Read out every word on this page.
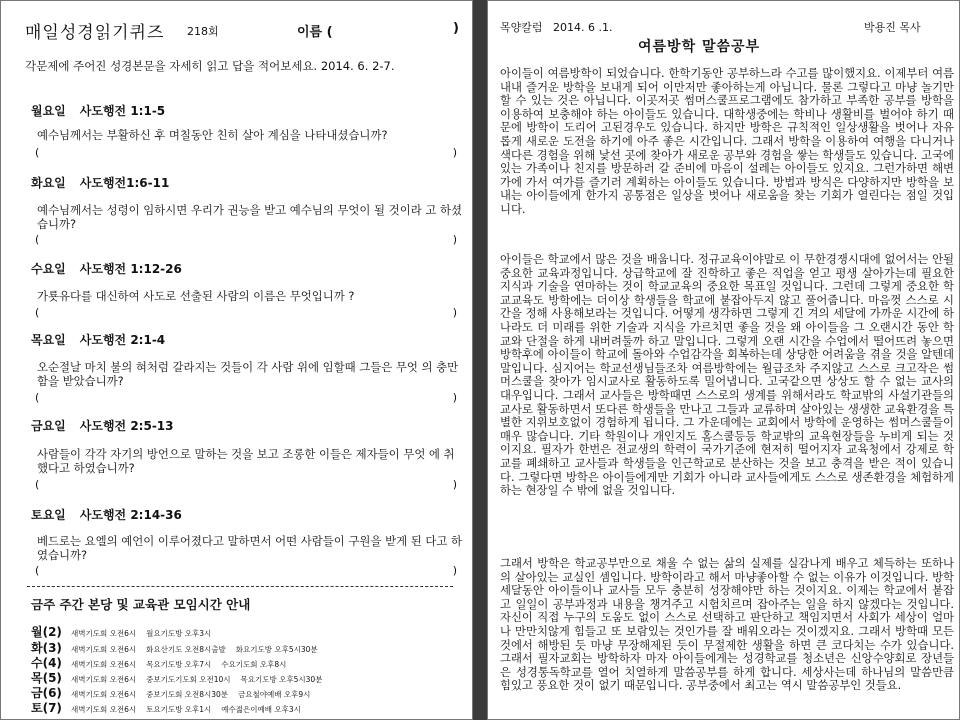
매일성경읽기퀴즈 218회	이름 (	)
각문제에 주어진 성경본문을 자세히 읽고 답을 적어보세요. 2014. 6. 2-7.
월요일 사도행전 1:1-5
예수님께서는 부활하신 후 며칠동안 친히 살아 계심을 나타내셨습니까?
(	)
화요일 사도행전1:6-11
예수님께서는 성령이 임하시면 우리가 권능을 받고 예수님의 무엇이 될 것이라 고 하셨습니까?
(	)
수요일 사도행전 1:12-26
가룟유다를 대신하여 사도로 선출된 사람의 이름은 무엇입니까 ?
(	)
목요일 사도행전 2:1-4
오순절날 마치 불의 혀처럼 갈라지는 것들이 각 사람 위에 임할때 그들은 무엇 의 충만함을 받았습니까?
(	)
금요일 사도행전 2:5-13
사람들이 각각 자기의 방언으로 말하는 것을 보고 조롱한 이들은 제자들이 무엇 에 취했다고 하였습니까?
(	)
토요일 사도행전 2:14-36
베드로는 요엘의 예언이 이루어졌다고 말하면서 어떤 사람들이 구원을 받게 된 다고 하였습니까?
(	)
금주 주간 본당 및 교육관 모임시간 안내
월(2) 새벽기도회 오전6시 월요기도방 오후3시
화(3) 새벽기도회 오전6시 화요산기도 오전8시출발 화요기도방 오후5시30분
수(4) 새벽기도회 오전6시 목요기도방 오후7시 수요기도회 오후8시
목(5) 새벽기도회 오전6시 중보기도기도회 오전10시 목요기도방 오후5시30분
금(6) 새벽기도회 오전6시 중보기도회 오전8시30분 금요철야예배 오후9시
토(7) 새벽기도회 오전6시 토요기도방 오후1시 예수젊은이예배 오후3시
목양칼럼 2014. 6 .1.	박용진 목사
여름방학 말씀공부
아이들이 여름방학이 되었습니다. 한학기동안 공부하느라 수고를 많이했지요. 이제부터 여름내내 즐거운 방학을 보내게 되어 이만저만 좋아하는게 아닙니다. 물론 그렇다고 마냥 놀기만 할 수 있는 것은 아닙니다. 이곳저곳 썸머스쿨프로그램에도 참가하고 부족한 공부를 방학을 이용하여 보충해야 하는 아이들도 있습니다. 대학생중에는 학비나 생활비를 벌어야 하기 때문에 방학이 도리어 고된경우도 있습니다. 하지만 방학은 규칙적인 일상생활을 벗어나 자유롭게 새로운 도전을 하기에 아주 좋은 시간입니다. 그래서 방학을 이용하여 여행을 다니거나 색다른 경험을 위해 낯선 곳에 찾아가 새로운 공부와 경험을 쌓는 학생들도 있습니다. 고국에 있는 가족이나 친지를 방문하러 갈 준비에 마음이 설레는 아이들도 있지요. 그런가하면 해변가에 가서 여가를 즐기러 계획하는 아이들도 있습니다. 방법과 방식은 다양하지만 방학을 보내는 아이들에게 한가지 공통점은 일상을 벗어나 새로움을 찾는 기회가 열린다는 점일 것입니다.
아이들은 학교에서 많은 것을 배웁니다. 정규교육이야말로 이 무한경쟁시대에 없어서는 안될 중요한 교육과정입니다. 상급학교에 잘 진학하고 좋은 직업을 얻고 평생 살아가는데 필요한 지식과 기술을 연마하는 것이 학교교육의 중요한 목표일 것입니다. 그런데 그렇게 중요한 학교교육도 방학에는 더이상 학생들을 학교에 붙잡아두지 않고 풀어줍니다. 마음껏 스스로 시간을 정해 사용해보라는 것입니다. 어떻게 생각하면 그렇게 긴 겨의 세달에 가까운 시간에 하나라도 더 미래를 위한 기술과 지식을 가르치면 좋을 것을 왜 아이들을 그 오랜시간 동안 학교와 단절을 하게 내버려둘까 하고 말입니다. 그렇게 오랜 시간을 수업에서 떨어뜨려 놓으면 방학후에 아이들이 학교에 돌아와 수업감각을 회복하는데 상당한 어려움을 겪을 것을 알텐데 말입니다. 심지어는 학교선생님들조차 여름방학에는 월급조차 주지않고 스스로 크고작은 썸머스쿨을 찾아가 임시교사로 활동하도록 밀어냅니다. 고국같으면 상상도 할 수 없는 교사의 대우입니다. 그래서 교사들은 방학때면 스스로의 생계를 위해서라도 학교밖의 사설기관들의 교사로 활동하면서 또다른 학생들을 만나고 그들과 교류하며 살아있는 생생한 교육환경을 특별한 지위보호없이 경험하게 됩니다. 그 가운데에는 교회에서 방학에 운영하는 썸머스쿨들이 매우 많습니다. 기타 학원이나 개인지도 홈스쿨등등 학교밖의 교육현장들을 누비게 되는 것이지요. 필자가 한번은 전교생의 학력이 국가기준에 현저히 떨어지자 교육청에서 강제로 학교를 폐쇄하고 교사들과 학생들을 인근학교로 분산하는 것을 보고 충격을 받은 적이 있습니다. 그렇다면 방학은 아이들에게만 기회가 아니라 교사들에게도 스스로 생존환경을 체험하게 하는 현장일 수 밖에 없을 것입니다.
그래서 방학은 학교공부만으로 채울 수 없는 삶의 실제를 실감나게 배우고 체득하는 또하나의 살아있는 교실인 셈입니다. 방학이라고 해서 마냥좋아할 수 없는 이유가 이것입니다. 방학세달동안 아이들이나 교사들 모두 충분히 성장해야만 하는 것이지요. 이제는 학교에서 붙잡고 일일이 공부과정과 내용을 챙겨주고 시험치르며 잡아주는 일을 하지 않겠다는 것입니다. 자신이 직접 누구의 도움도 없이 스스로 선택하고 판단하고 책임지면서 사회가 세상이 얼마나 만만치않게 힘들고 또 보람있는 것인가를 잘 배워오라는 것이겠지요. 그래서 방학때 모든 것에서 해방된 듯 마냥 무장해제된 듯이 무절제한 생활을 하면 큰 코다치는 수가 있습니다. 그래서 필자교회는 방학하자 마자 아이들에게는 성경학교를 청소년은 신앙수양회로 장년들은 성경통독학교를 열어 치열하게 말씀공부를 하게 합니다. 세상사는데 하나님의 말씀만큼 힘있고 풍요한 것이 없기 때문입니다. 공부중에서 최고는 역시 말씀공부인 것들요.
